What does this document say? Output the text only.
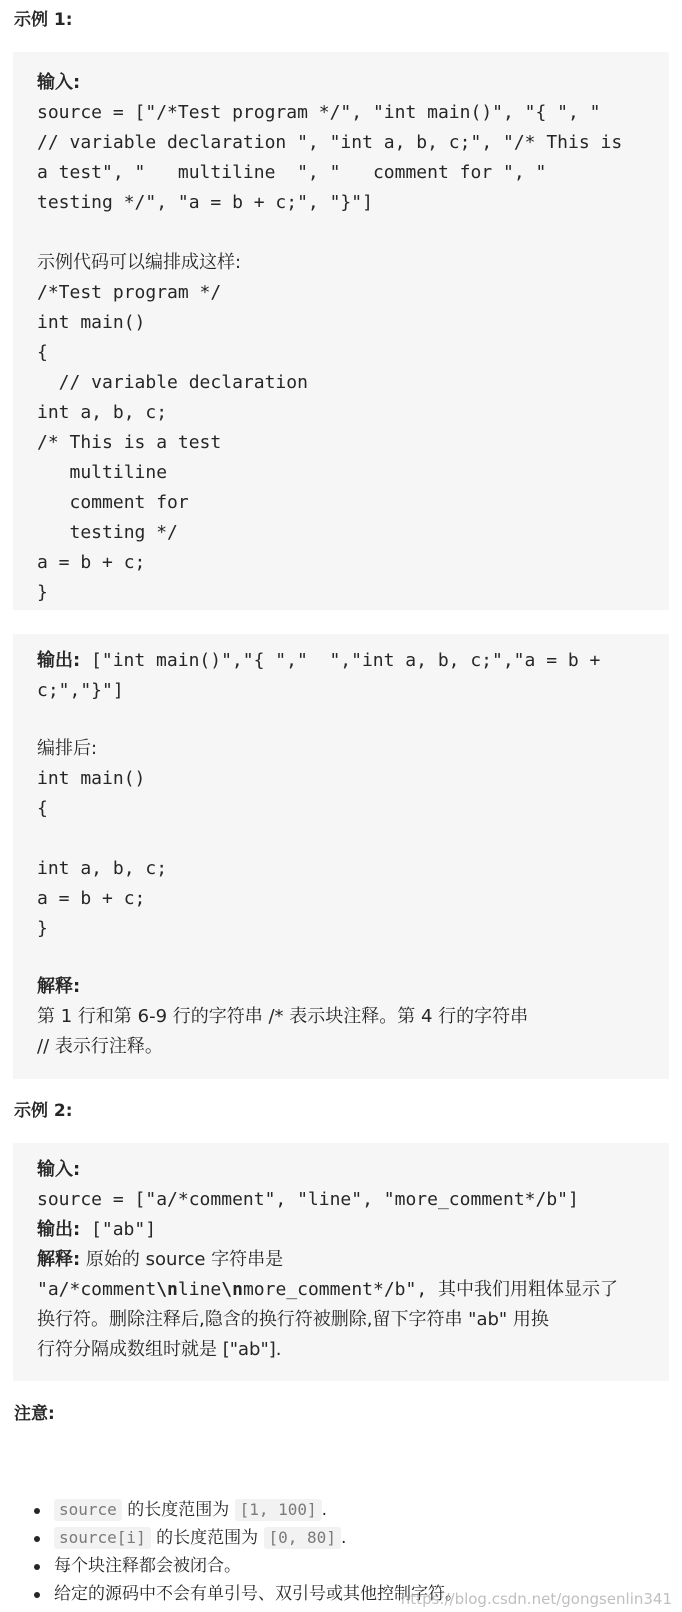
示例 1:
输入:
source = ["/*Test program */", "int main()", "{ ", "
// variable declaration ", "int a, b, c;", "/* This is
a test", "   multiline  ", "   comment for ", "
testing */", "a = b + c;", "}"]
示例代码可以编排成这样:
/*Test program */
int main()
{
// variable declaration
int a, b, c;
/* This is a test
multiline
comment for
testing */
a = b + c;
}
输出: ["int main()","{ ","  ","int a, b, c;","a = b +
c;","}"]
编排后:
int main()
{
int a, b, c;
a = b + c;
}
解释:
第 1 行和第 6-9 行的字符串 /* 表示块注释。第 4 行的字符串
// 表示行注释。
示例 2:
输入:
source = ["a/*comment", "line", "more_comment*/b"]
输出: ["ab"]
解释: 原始的 source 字符串是
"a/*comment\nline\nmore_comment*/b", 其中我们用粗体显示了
换行符。删除注释后,隐含的换行符被删除,留下字符串 "ab" 用换
行符分隔成数组时就是 ["ab"].
注意:
source 的长度范围为 [1, 100] .
source[i] 的长度范围为 [0, 80] .
每个块注释都会被闭合。
给定的源码中不会有单引号、双引号或其他控制字符。
https://blog.csdn.net/gongsenlin341
